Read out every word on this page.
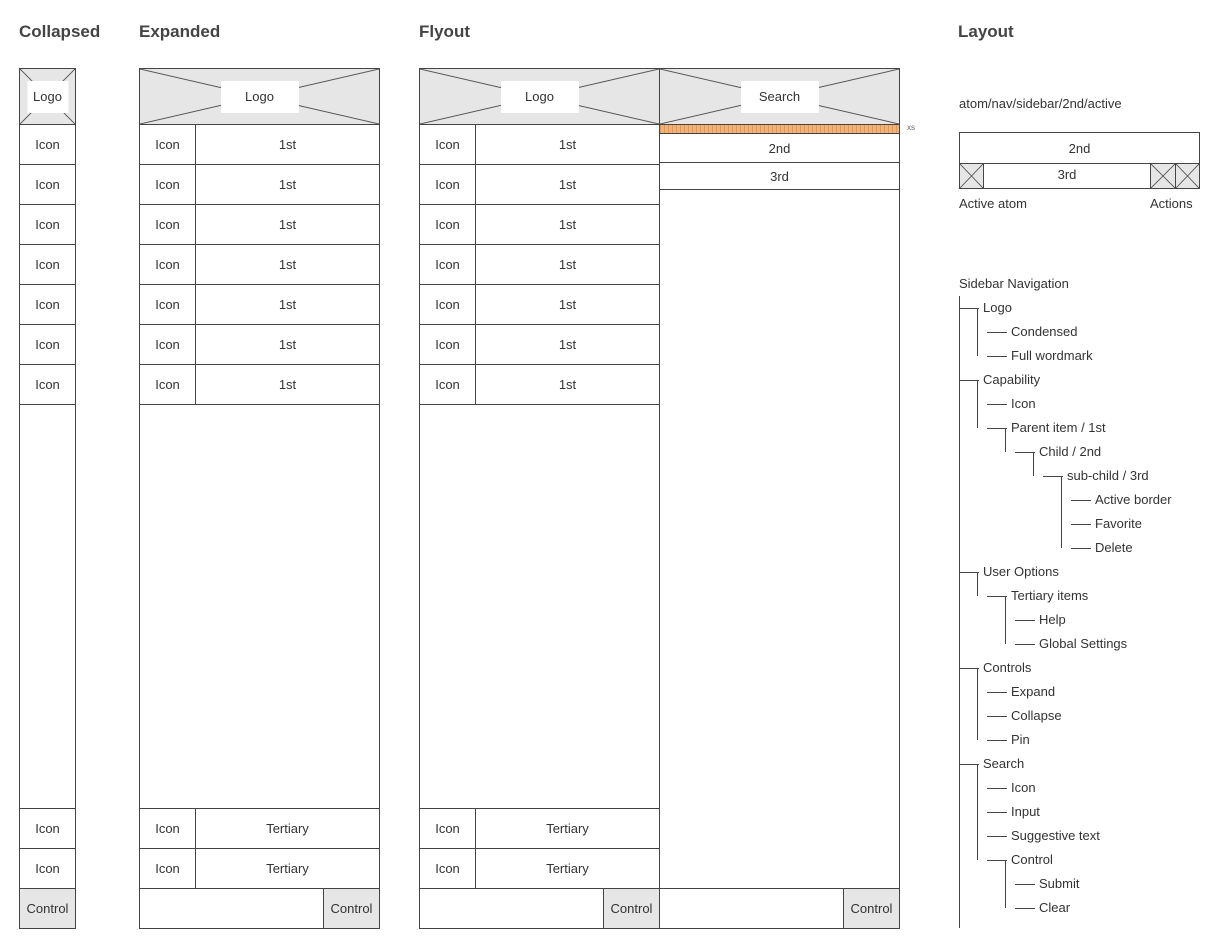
Collapsed Expanded	Flyout	Layout
Logo
Icon
Icon
Icon
Icon
Icon
Icon
Icon
Icon
Icon
Control
Logo
Icon	1st
Icon	1st
Icon	1st
Icon	1st
Icon	1st
Icon	1st
Icon	1st
Icon	Tertiary
Icon	Tertiary
Control
Logo	Search
Icon	1st
Icon	1st
Icon	1st
Icon	1st
Icon	1st
Icon	1st
Icon	1st
Icon	Tertiary
Icon	Tertiary
Control
xs
2nd
3rd
Control
atom/nav/sidebar/2nd/active
2nd
3rd
Active atom	Actions
Sidebar Navigation
Logo
Condensed
Full wordmark
Capability
Icon
Parent item / 1st
Child / 2nd
sub-child / 3rd
Active border
Favorite
Delete
User Options
Tertiary items
Help
Global Settings
Controls
Expand
Collapse
Pin
Search
Icon
Input
Suggestive text
Control
Submit
Clear
